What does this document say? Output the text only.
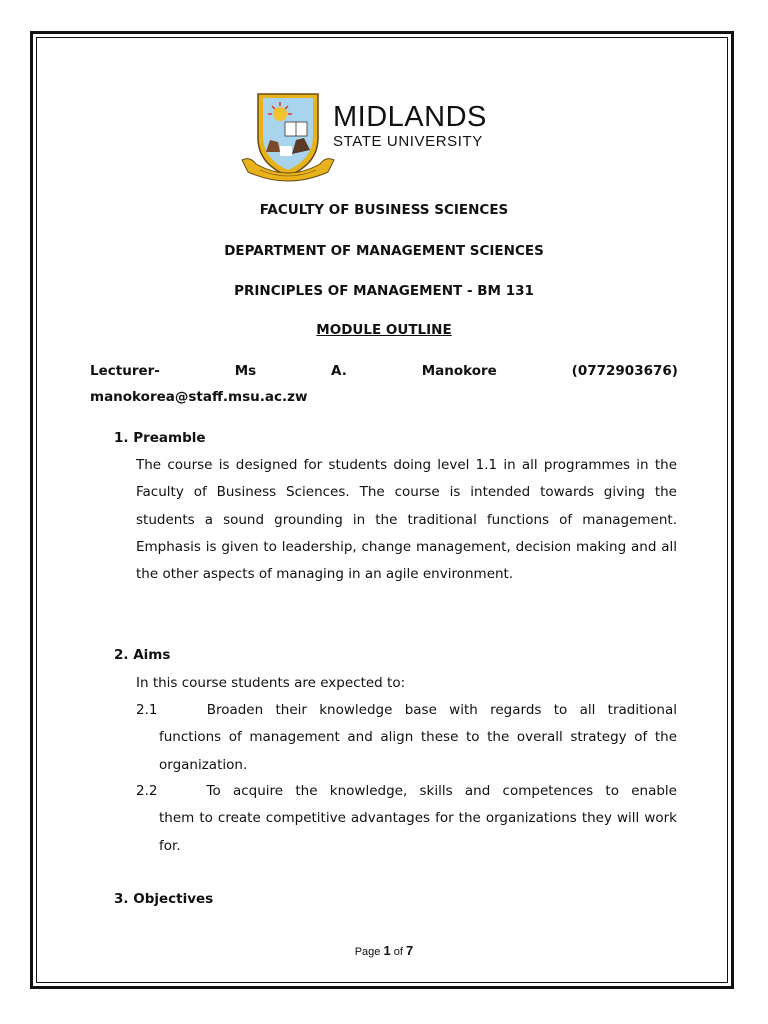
MIDLANDS
STATE UNIVERSITY
FACULTY OF BUSINESS SCIENCES
DEPARTMENT OF MANAGEMENT SCIENCES
PRINCIPLES OF MANAGEMENT - BM 131
MODULE OUTLINE
Lecturer-	Ms	A.	Manokore	(0772903676)
manokorea@staff.msu.ac.zw
1. Preamble
The course is designed for students doing level 1.1 in all programmes in the Faculty of Business Sciences. The course is intended towards giving the students a sound grounding in the traditional functions of management. Emphasis is given to leadership, change management, decision making and all the other aspects of managing in an agile environment.
2. Aims
In this course students are expected to:
2.1	Broaden their knowledge base with regards to all traditional
functions of management and align these to the overall strategy of the organization.
2.2	To acquire the knowledge, skills and competences to enable
them to create competitive advantages for the organizations they will work for.
3. Objectives
Page 1 of 7
